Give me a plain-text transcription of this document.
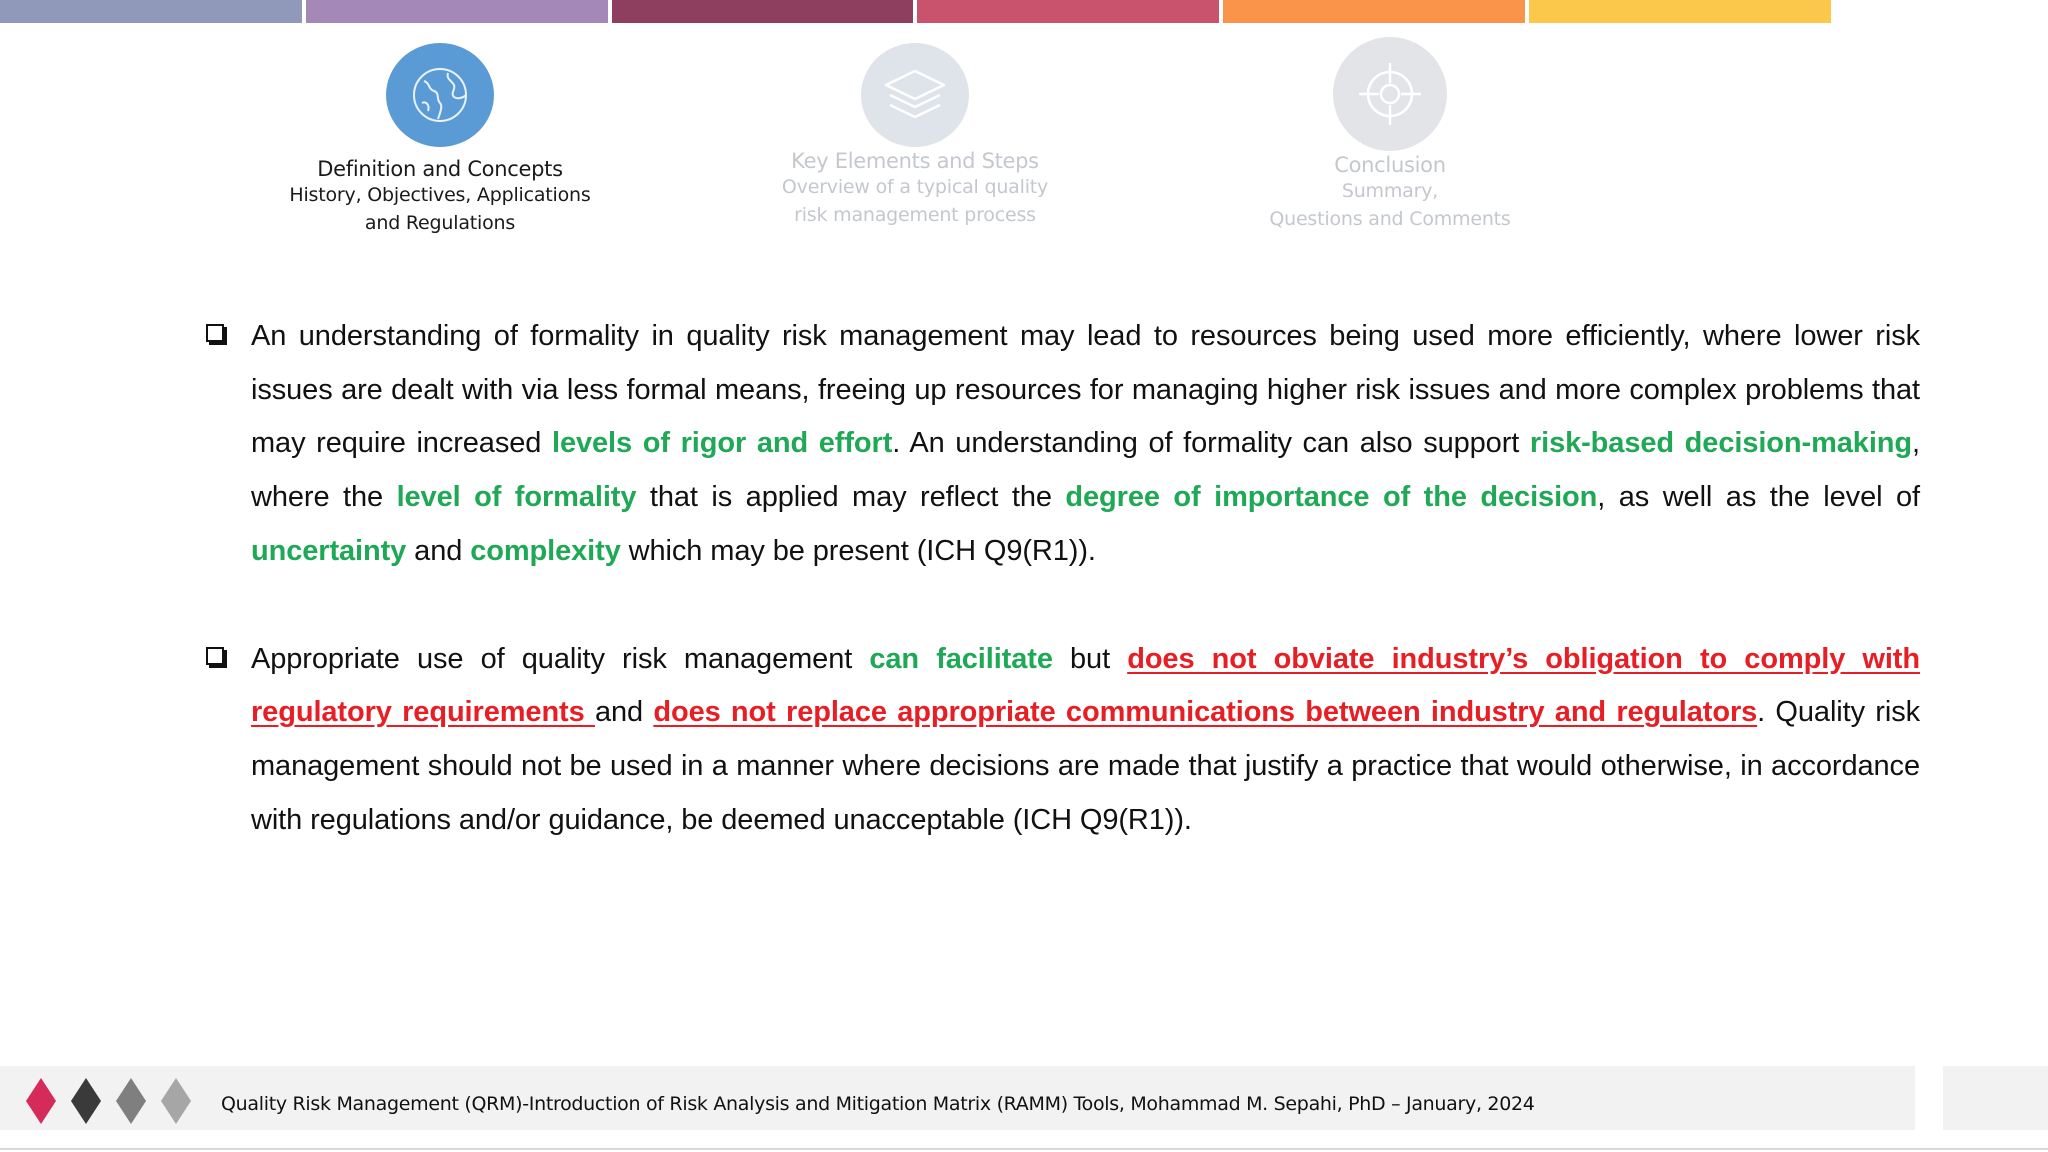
Definition and Concepts
History, Objectives, Applications
and Regulations
Key Elements and Steps
Overview of a typical quality
risk management process
Conclusion
Summary,
Questions and Comments

An understanding of formality in quality risk management may lead to resources being used more efficiently, where lower risk issues are dealt with via less formal means, freeing up resources for managing higher risk issues and more complex problems that may require increased levels of rigor and effort. An understanding of formality can also support risk-based decision-making, where the level of formality that is applied may reflect the degree of importance of the decision, as well as the level of uncertainty and complexity which may be present (ICH Q9(R1)).

Appropriate use of quality risk management can facilitate but does not obviate industry’s obligation to comply with regulatory requirements and does not replace appropriate communications between industry and regulators. Quality risk management should not be used in a manner where decisions are made that justify a practice that would otherwise, in accordance with regulations and/or guidance, be deemed unacceptable (ICH Q9(R1)).

Quality Risk Management (QRM)-Introduction of Risk Analysis and Mitigation Matrix (RAMM) Tools, Mohammad M. Sepahi, PhD – January, 2024
